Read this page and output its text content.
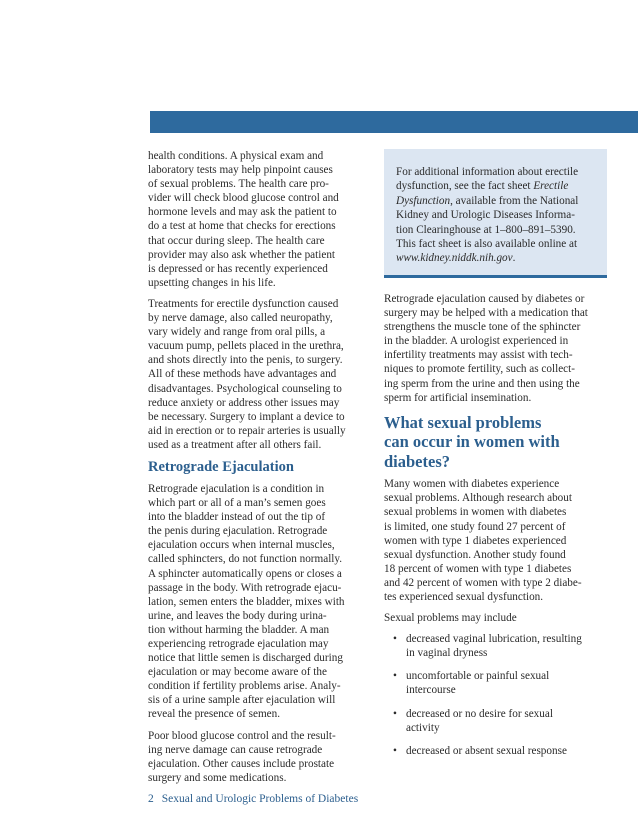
health conditions. A physical exam and
laboratory tests may help pinpoint causes
of sexual problems. The health care pro-
vider will check blood glucose control and
hormone levels and may ask the patient to
do a test at home that checks for erections
that occur during sleep. The health care
provider may also ask whether the patient
is depressed or has recently experienced
upsetting changes in his life.

Treatments for erectile dysfunction caused
by nerve damage, also called neuropathy,
vary widely and range from oral pills, a
vacuum pump, pellets placed in the urethra,
and shots directly into the penis, to surgery.
All of these methods have advantages and
disadvantages. Psychological counseling to
reduce anxiety or address other issues may
be necessary. Surgery to implant a device to
aid in erection or to repair arteries is usually
used as a treatment after all others fail.

Retrograde Ejaculation

Retrograde ejaculation is a condition in
which part or all of a man’s semen goes
into the bladder instead of out the tip of
the penis during ejaculation. Retrograde
ejaculation occurs when internal muscles,
called sphincters, do not function normally.
A sphincter automatically opens or closes a
passage in the body. With retrograde ejacu-
lation, semen enters the bladder, mixes with
urine, and leaves the body during urina-
tion without harming the bladder. A man
experiencing retrograde ejaculation may
notice that little semen is discharged during
ejaculation or may become aware of the
condition if fertility problems arise. Analy-
sis of a urine sample after ejaculation will
reveal the presence of semen.

Poor blood glucose control and the result-
ing nerve damage can cause retrograde
ejaculation. Other causes include prostate
surgery and some medications.

For additional information about erectile
dysfunction, see the fact sheet Erectile
Dysfunction, available from the National
Kidney and Urologic Diseases Informa-
tion Clearinghouse at 1–800–891–5390.
This fact sheet is also available online at
www.kidney.niddk.nih.gov.

Retrograde ejaculation caused by diabetes or
surgery may be helped with a medication that
strengthens the muscle tone of the sphincter
in the bladder. A urologist experienced in
infertility treatments may assist with tech-
niques to promote fertility, such as collect-
ing sperm from the urine and then using the
sperm for artificial insemination.

What sexual problems
can occur in women with
diabetes?

Many women with diabetes experience
sexual problems. Although research about
sexual problems in women with diabetes
is limited, one study found 27 percent of
women with type 1 diabetes experienced
sexual dysfunction. Another study found
18 percent of women with type 1 diabetes
and 42 percent of women with type 2 diabe-
tes experienced sexual dysfunction.

Sexual problems may include

• decreased vaginal lubrication, resulting
in vaginal dryness
• uncomfortable or painful sexual
intercourse
• decreased or no desire for sexual
activity
• decreased or absent sexual response
2 Sexual and Urologic Problems of Diabetes
